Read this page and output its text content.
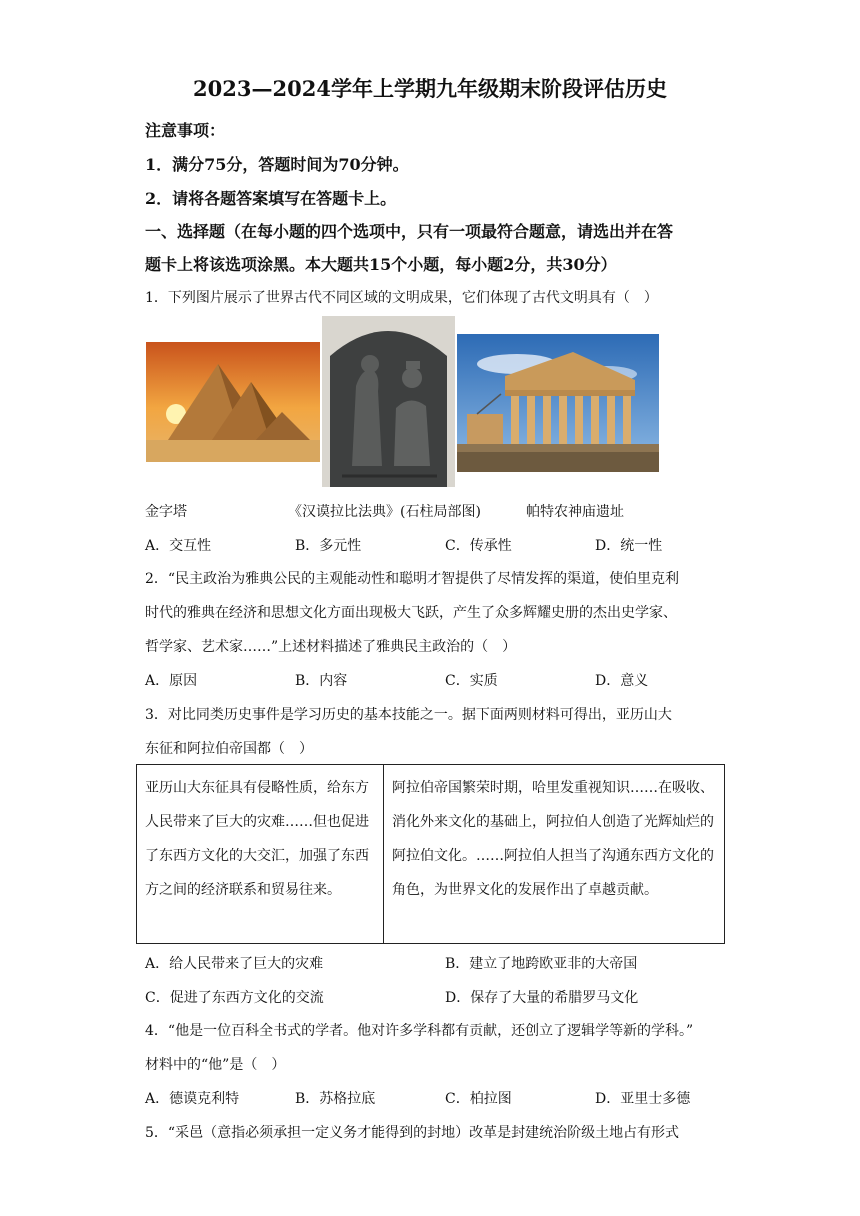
2023—2024学年上学期九年级期末阶段评估历史
注意事项：
1．满分75分，答题时间为70分钟。
2．请将各题答案填写在答题卡上。
一、选择题（在每小题的四个选项中，只有一项最符合题意，请选出并在答
题卡上将该选项涂黑。本大题共15个小题，每小题2分，共30分）
1．下列图片展示了世界古代不同区域的文明成果，它们体现了古代文明具有（　）
金字塔	《汉谟拉比法典》(石柱局部图)	帕特农神庙遗址
A．交互性	B．多元性	C．传承性	D．统一性
2．“民主政治为雅典公民的主观能动性和聪明才智提供了尽情发挥的渠道，使伯里克利
时代的雅典在经济和思想文化方面出现极大飞跃，产生了众多辉耀史册的杰出史学家、
哲学家、艺术家……”上述材料描述了雅典民主政治的（　）
A．原因	B．内容	C．实质	D．意义
3．对比同类历史事件是学习历史的基本技能之一。据下面两则材料可得出，亚历山大
东征和阿拉伯帝国都（　）
亚历山大东征具有侵略性质，给东方人民带来了巨大的灾难……但也促进了东西方文化的大交汇，加强了东西方之间的经济联系和贸易往来。	阿拉伯帝国繁荣时期，哈里发重视知识……在吸收、消化外来文化的基础上，阿拉伯人创造了光辉灿烂的阿拉伯文化。……阿拉伯人担当了沟通东西方文化的角色，为世界文化的发展作出了卓越贡献。
A．给人民带来了巨大的灾难	B．建立了地跨欧亚非的大帝国
C．促进了东西方文化的交流	D．保存了大量的希腊罗马文化
4．“他是一位百科全书式的学者。他对许多学科都有贡献，还创立了逻辑学等新的学科。”
材料中的“他”是（　）
A．德谟克利特	B．苏格拉底	C．柏拉图	D．亚里士多德
5．“采邑（意指必须承担一定义务才能得到的封地）改革是封建统治阶级土地占有形式
